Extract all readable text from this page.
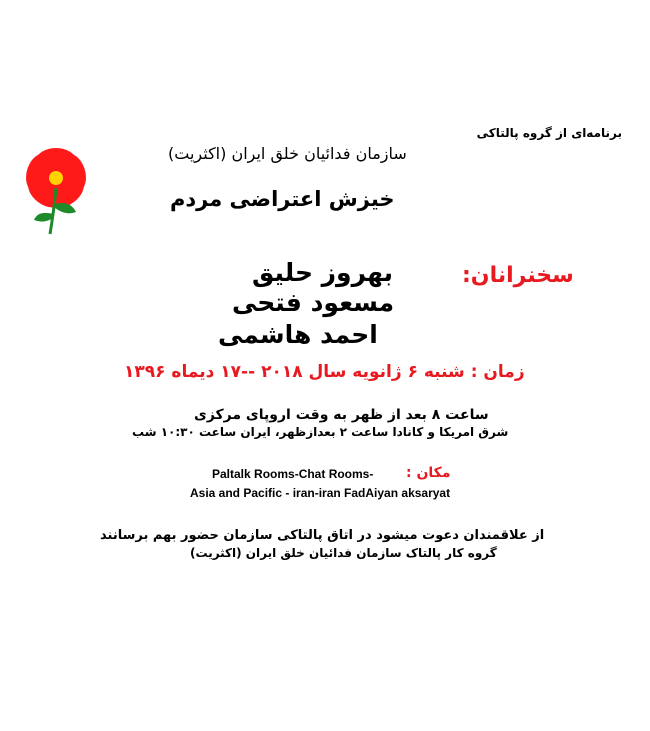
برنامه‌ای از گروه پالتاکی
سازمان فدائیان خلق ایران (اکثریت)
خیزش اعتراضی مردم
سخنرانان:
بهروز حلیق
مسعود فتحی
احمد هاشمی
زمان : شنبه ۶ ژانویه سال ۲۰۱۸ --۱۷ دیماه ۱۳۹۶
ساعت ۸ بعد از ظهر به وقت اروپای مرکزی
شرق امریکا و کانادا ساعت ۲ بعدازظهر، ایران ساعت ۱۰:۳۰ شب
مکان :
Paltalk Rooms-Chat Rooms-
Asia and Pacific - iran-iran FadAiyan aksaryat
از علاقمندان دعوت میشود در اتاق پالتاکی سازمان حضور بهم برسانند
گروه کار پالتاک سازمان فدائیان خلق ایران (اکثریت)
